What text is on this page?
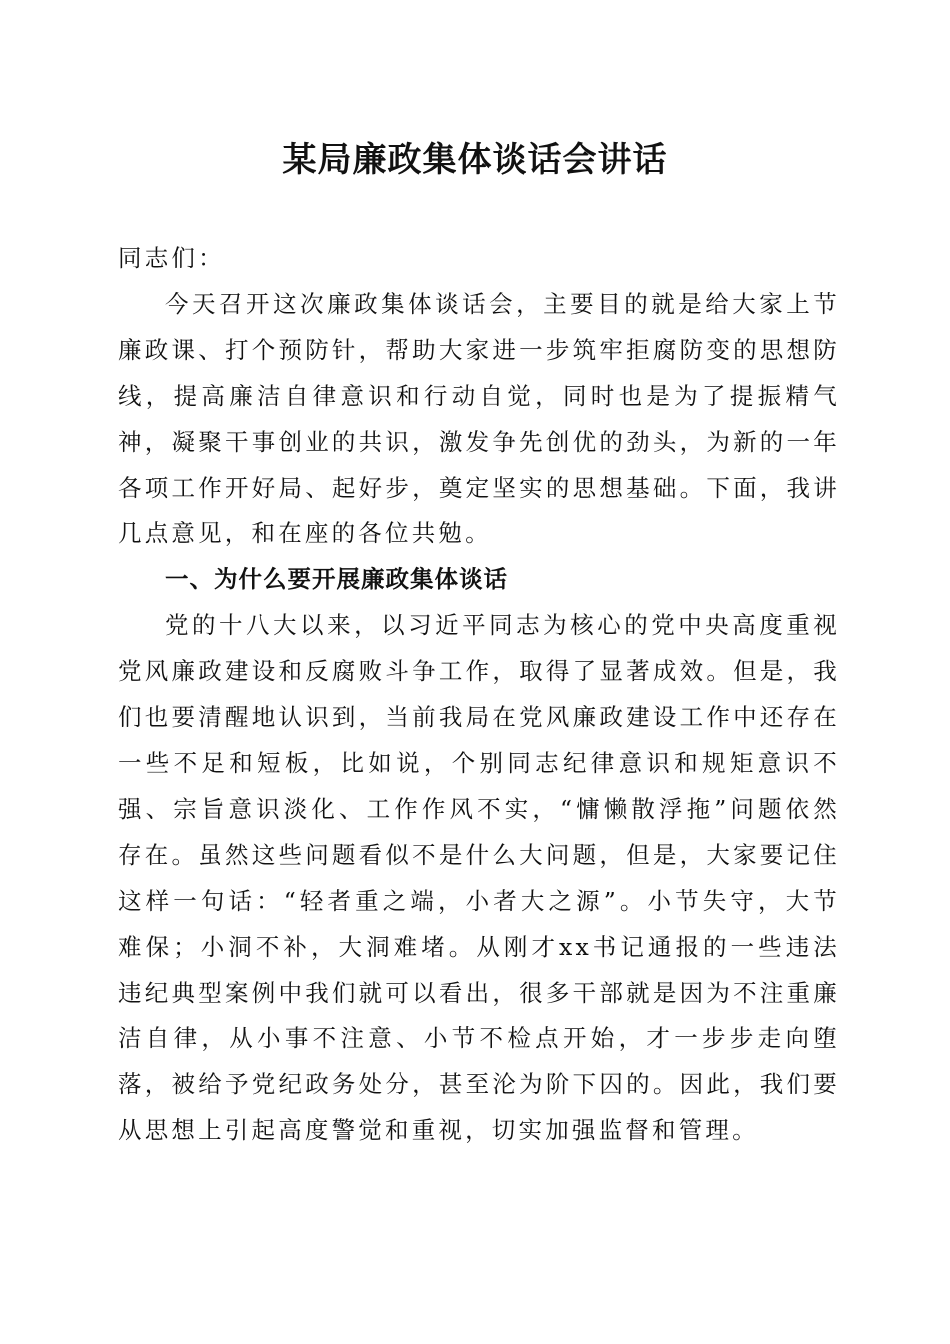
某局廉政集体谈话会讲话

同志们：

今天召开这次廉政集体谈话会，主要目的就是给大家上节廉政课、打个预防针，帮助大家进一步筑牢拒腐防变的思想防线，提高廉洁自律意识和行动自觉，同时也是为了提振精气神，凝聚干事创业的共识，激发争先创优的劲头，为新的一年各项工作开好局、起好步，奠定坚实的思想基础。下面，我讲几点意见，和在座的各位共勉。

一、为什么要开展廉政集体谈话

党的十八大以来，以习近平同志为核心的党中央高度重视党风廉政建设和反腐败斗争工作，取得了显著成效。但是，我们也要清醒地认识到，当前我局在党风廉政建设工作中还存在一些不足和短板，比如说，个别同志纪律意识和规矩意识不强、宗旨意识淡化、工作作风不实，“慵懒散浮拖”问题依然存在。虽然这些问题看似不是什么大问题，但是，大家要记住这样一句话：“轻者重之端，小者大之源”。小节失守，大节难保；小洞不补，大洞难堵。从刚才xx书记通报的一些违法违纪典型案例中我们就可以看出，很多干部就是因为不注重廉洁自律，从小事不注意、小节不检点开始，才一步步走向堕落，被给予党纪政务处分，甚至沦为阶下囚的。因此，我们要从思想上引起高度警觉和重视，切实加强监督和管理。
